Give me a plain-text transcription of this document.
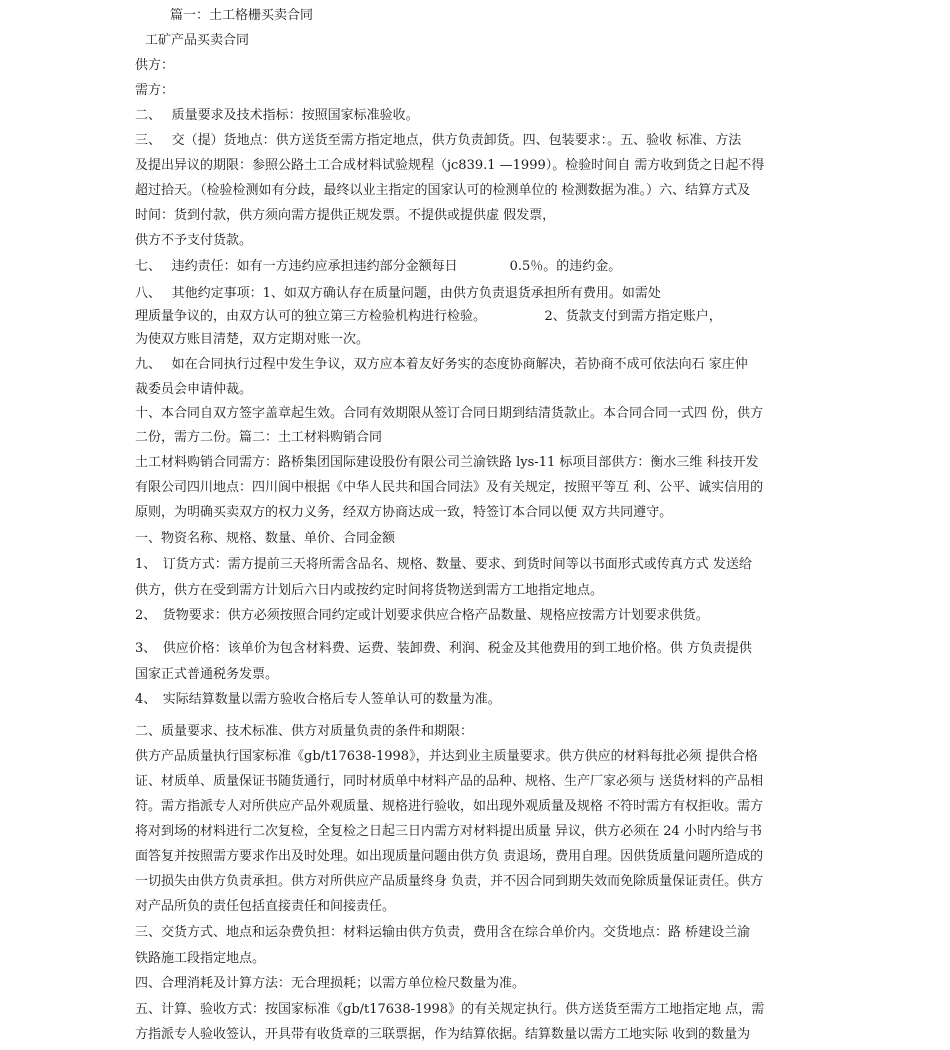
篇一：土工格栅买卖合同
工矿产品买卖合同
供方：
需方：
二、　 质量要求及技术指标：按照国家标准验收。
三、　 交（提）货地点：供方送货至需方指定地点，供方负责卸货。四、包装要求：。五、验收 标准、方法
及提出异议的期限：参照公路土工合成材料试验规程（jc839.1 —1999）。检验时间自 需方收到货之日起不得
超过拾天。（检验检测如有分歧，最终以业主指定的国家认可的检测单位的 检测数据为准。）六、结算方式及
时间：货到付款，供方须向需方提供正规发票。不提供或提供虚 假发票，
供方不予支付货款。
七、　 违约责任：如有一方违约应承担违约部分金额每日　　　　0.5％。的违约金。
八、　 其他约定事项：1、如双方确认存在质量问题，由供方负责退货承担所有费用。如需处
理质量争议的，由双方认可的独立第三方检验机构进行检验。　　　　　2、货款支付到需方指定账户，
为使双方账目清楚，双方定期对账一次。
九、　 如在合同执行过程中发生争议，双方应本着友好务实的态度协商解决，若协商不成可依法向石 家庄仲
裁委员会申请仲裁。
十、本合同自双方签字盖章起生效。合同有效期限从签订合同日期到结清货款止。本合同合同一式四 份，供方
二份，需方二份。篇二：土工材料购销合同
土工材料购销合同需方：路桥集团国际建设股份有限公司兰渝铁路 lys-11 标项目部供方：衡水三维 科技开发
有限公司四川地点：四川阆中根据《中华人民共和国合同法》及有关规定，按照平等互 利、公平、诚实信用的
原则，为明确买卖双方的权力义务，经双方协商达成一致，特签订本合同以便 双方共同遵守。
一、物资名称、规格、数量、单价、合同金额
1、　订货方式：需方提前三天将所需含品名、规格、数量、要求、到货时间等以书面形式或传真方式 发送给
供方，供方在受到需方计划后六日内或按约定时间将货物送到需方工地指定地点。
2、　货物要求：供方必须按照合同约定或计划要求供应合格产品数量、规格应按需方计划要求供货。
3、　供应价格：该单价为包含材料费、运费、装卸费、利润、税金及其他费用的到工地价格。供 方负责提供
国家正式普通税务发票。
4、　实际结算数量以需方验收合格后专人签单认可的数量为准。
二、质量要求、技术标准、供方对质量负责的条件和期限：
供方产品质量执行国家标准《gb/t17638-1998》，并达到业主质量要求。供方供应的材料每批必须 提供合格
证、材质单、质量保证书随货通行，同时材质单中材料产品的品种、规格、生产厂家必须与 送货材料的产品相
符。需方指派专人对所供应产品外观质量、规格进行验收，如出现外观质量及规格 不符时需方有权拒收。需方
将对到场的材料进行二次复检，全复检之日起三日内需方对材料提出质量 异议，供方必须在 24 小时内给与书
面答复并按照需方要求作出及时处理。如出现质量问题由供方负 责退场，费用自理。因供货质量问题所造成的
一切损失由供方负责承担。供方对所供应产品质量终身 负责，并不因合同到期失效而免除质量保证责任。供方
对产品所负的责任包括直接责任和间接责任。
三、交货方式、地点和运杂费负担：材料运输由供方负责，费用含在综合单价内。交货地点：路 桥建设兰渝
铁路施工段指定地点。
四、合理消耗及计算方法：无合理损耗；以需方单位检尺数量为准。
五、计算、验收方式：按国家标准《gb/t17638-1998》的有关规定执行。供方送货至需方工地指定地 点，需
方指派专人验收签认，开具带有收货章的三联票据，作为结算依据。结算数量以需方工地实际 收到的数量为
